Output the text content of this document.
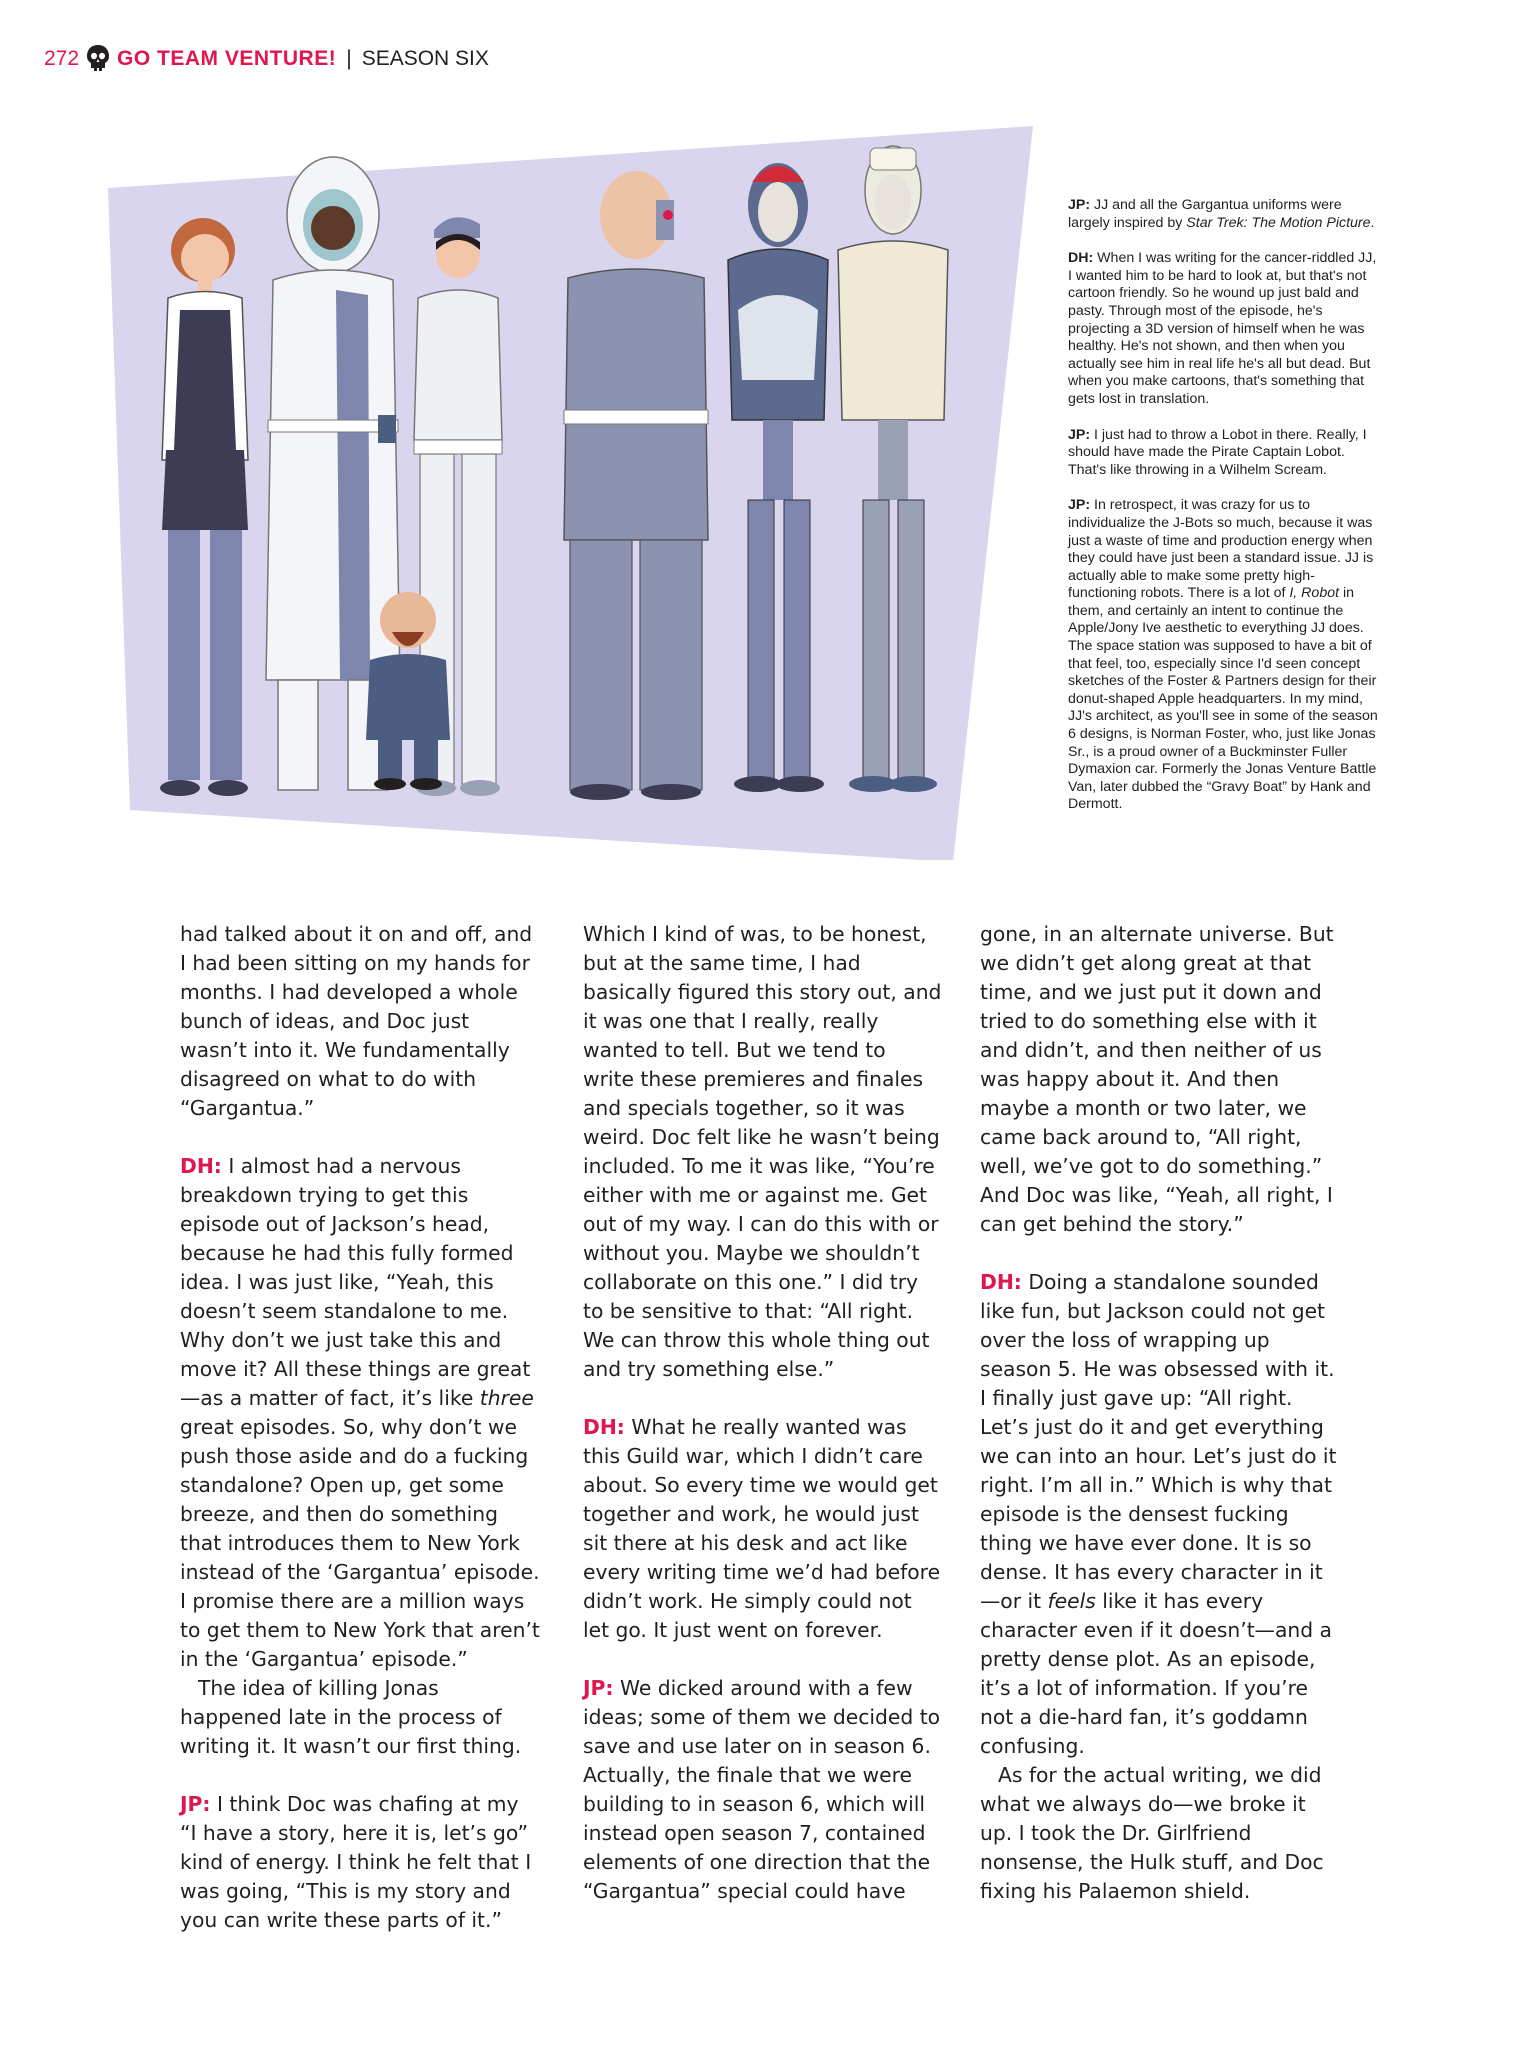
272 GO TEAM VENTURE! | SEASON SIX

JP: JJ and all the Gargantua uniforms were largely inspired by Star Trek: The Motion Picture.

DH: When I was writing for the cancer-riddled JJ, I wanted him to be hard to look at, but that's not cartoon friendly. So he wound up just bald and pasty. Through most of the episode, he's projecting a 3D version of himself when he was healthy. He's not shown, and then when you actually see him in real life he's all but dead. But when you make cartoons, that's something that gets lost in translation.

JP: I just had to throw a Lobot in there. Really, I should have made the Pirate Captain Lobot. That's like throwing in a Wilhelm Scream.

JP: In retrospect, it was crazy for us to individualize the J-Bots so much, because it was just a waste of time and production energy when they could have just been a standard issue. JJ is actually able to make some pretty high-functioning robots. There is a lot of I, Robot in them, and certainly an intent to continue the Apple/Jony Ive aesthetic to everything JJ does. The space station was supposed to have a bit of that feel, too, especially since I'd seen concept sketches of the Foster & Partners design for their donut-shaped Apple headquarters. In my mind, JJ's architect, as you'll see in some of the season 6 designs, is Norman Foster, who, just like Jonas Sr., is a proud owner of a Buckminster Fuller Dymaxion car. Formerly the Jonas Venture Battle Van, later dubbed the “Gravy Boat” by Hank and Dermott.

had talked about it on and off, and I had been sitting on my hands for months. I had developed a whole bunch of ideas, and Doc just wasn’t into it. We fundamentally disagreed on what to do with “Gargantua.”

DH: I almost had a nervous breakdown trying to get this episode out of Jackson’s head, because he had this fully formed idea. I was just like, “Yeah, this doesn’t seem standalone to me. Why don’t we just take this and move it? All these things are great—as a matter of fact, it’s like three great episodes. So, why don’t we push those aside and do a fucking standalone? Open up, get some breeze, and then do something that introduces them to New York instead of the ‘Gargantua’ episode. I promise there are a million ways to get them to New York that aren’t in the ‘Gargantua’ episode.”

The idea of killing Jonas happened late in the process of writing it. It wasn’t our first thing.

JP: I think Doc was chafing at my “I have a story, here it is, let’s go” kind of energy. I think he felt that I was going, “This is my story and you can write these parts of it.”

Which I kind of was, to be honest, but at the same time, I had basically figured this story out, and it was one that I really, really wanted to tell. But we tend to write these premieres and finales and specials together, so it was weird. Doc felt like he wasn’t being included. To me it was like, “You’re either with me or against me. Get out of my way. I can do this with or without you. Maybe we shouldn’t collaborate on this one.” I did try to be sensitive to that: “All right. We can throw this whole thing out and try something else.”

DH: What he really wanted was this Guild war, which I didn’t care about. So every time we would get together and work, he would just sit there at his desk and act like every writing time we’d had before didn’t work. He simply could not let go. It just went on forever.

JP: We dicked around with a few ideas; some of them we decided to save and use later on in season 6. Actually, the finale that we were building to in season 6, which will instead open season 7, contained elements of one direction that the “Gargantua” special could have

gone, in an alternate universe. But we didn’t get along great at that time, and we just put it down and tried to do something else with it and didn’t, and then neither of us was happy about it. And then maybe a month or two later, we came back around to, “All right, well, we’ve got to do something.” And Doc was like, “Yeah, all right, I can get behind the story.”

DH: Doing a standalone sounded like fun, but Jackson could not get over the loss of wrapping up season 5. He was obsessed with it. I finally just gave up: “All right. Let’s just do it and get everything we can into an hour. Let’s just do it right. I’m all in.” Which is why that episode is the densest fucking thing we have ever done. It is so dense. It has every character in it—or it feels like it has every character even if it doesn’t—and a pretty dense plot. As an episode, it’s a lot of information. If you’re not a die-hard fan, it’s goddamn confusing.

As for the actual writing, we did what we always do—we broke it up. I took the Dr. Girlfriend nonsense, the Hulk stuff, and Doc fixing his Palaemon shield.
